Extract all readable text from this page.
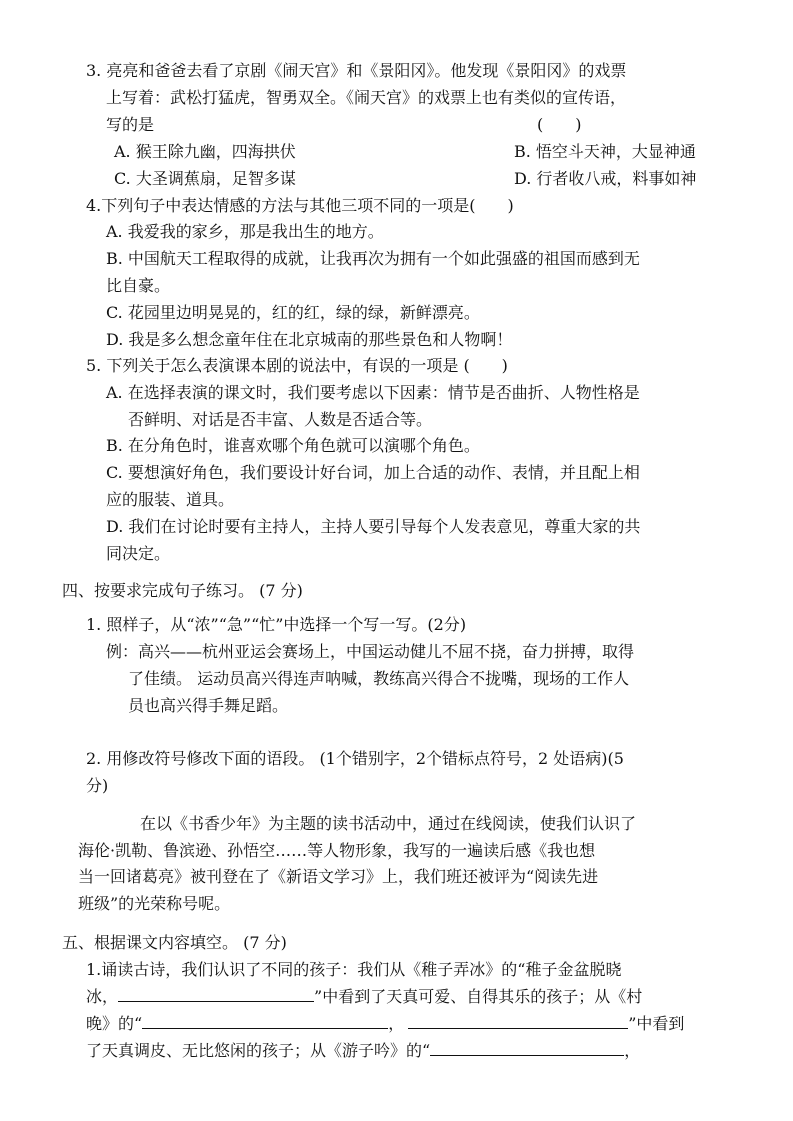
3. 亮亮和爸爸去看了京剧《闹天宫》和《景阳冈》。他发现《景阳冈》的戏票
上写着：武松打猛虎，智勇双全。《闹天宫》的戏票上也有类似的宣传语，
写的是	(　　)
A. 猴王除九幽，四海拱伏	B. 悟空斗天神，大显神通
C. 大圣调蕉扇，足智多谋	D. 行者收八戒，料事如神
4.下列句子中表达情感的方法与其他三项不同的一项是(　　)
A. 我爱我的家乡，那是我出生的地方。
B. 中国航天工程取得的成就，让我再次为拥有一个如此强盛的祖国而感到无
比自豪。
C. 花园里边明晃晃的，红的红，绿的绿，新鲜漂亮。
D. 我是多么想念童年住在北京城南的那些景色和人物啊！
5. 下列关于怎么表演课本剧的说法中，有误的一项是 (　　)
A. 在选择表演的课文时，我们要考虑以下因素：情节是否曲折、人物性格是
否鲜明、对话是否丰富、人数是否适合等。
B. 在分角色时，谁喜欢哪个角色就可以演哪个角色。
C. 要想演好角色，我们要设计好台词，加上合适的动作、表情，并且配上相
应的服装、道具。
D. 我们在讨论时要有主持人，主持人要引导每个人发表意见，尊重大家的共
同决定。
四、按要求完成句子练习。 (7 分)
1. 照样子，从“浓”“急”“忙”中选择一个写一写。(2分)
例：高兴——杭州亚运会赛场上，中国运动健儿不屈不挠，奋力拼搏，取得
了佳绩。 运动员高兴得连声呐喊，教练高兴得合不拢嘴，现场的工作人
员也高兴得手舞足蹈。
2. 用修改符号修改下面的语段。 (1个错别字，2个错标点符号，2 处语病)(5
分)
在以《书香少年》为主题的读书活动中，通过在线阅读，使我们认识了
海伦·凯勒、鲁滨逊、孙悟空……等人物形象，我写的一遍读后感《我也想
当一回诸葛亮》被刊登在了《新语文学习》上，我们班还被评为“阅读先进
班级”的光荣称号呢。
五、根据课文内容填空。 (7 分)
1.诵读古诗，我们认识了不同的孩子：我们从《稚子弄冰》的“稚子金盆脱晓
冰，	”中看到了天真可爱、自得其乐的孩子；从《村
晚》的“	，	”中看到
了天真调皮、无比悠闲的孩子；从《游子吟》的“	，
